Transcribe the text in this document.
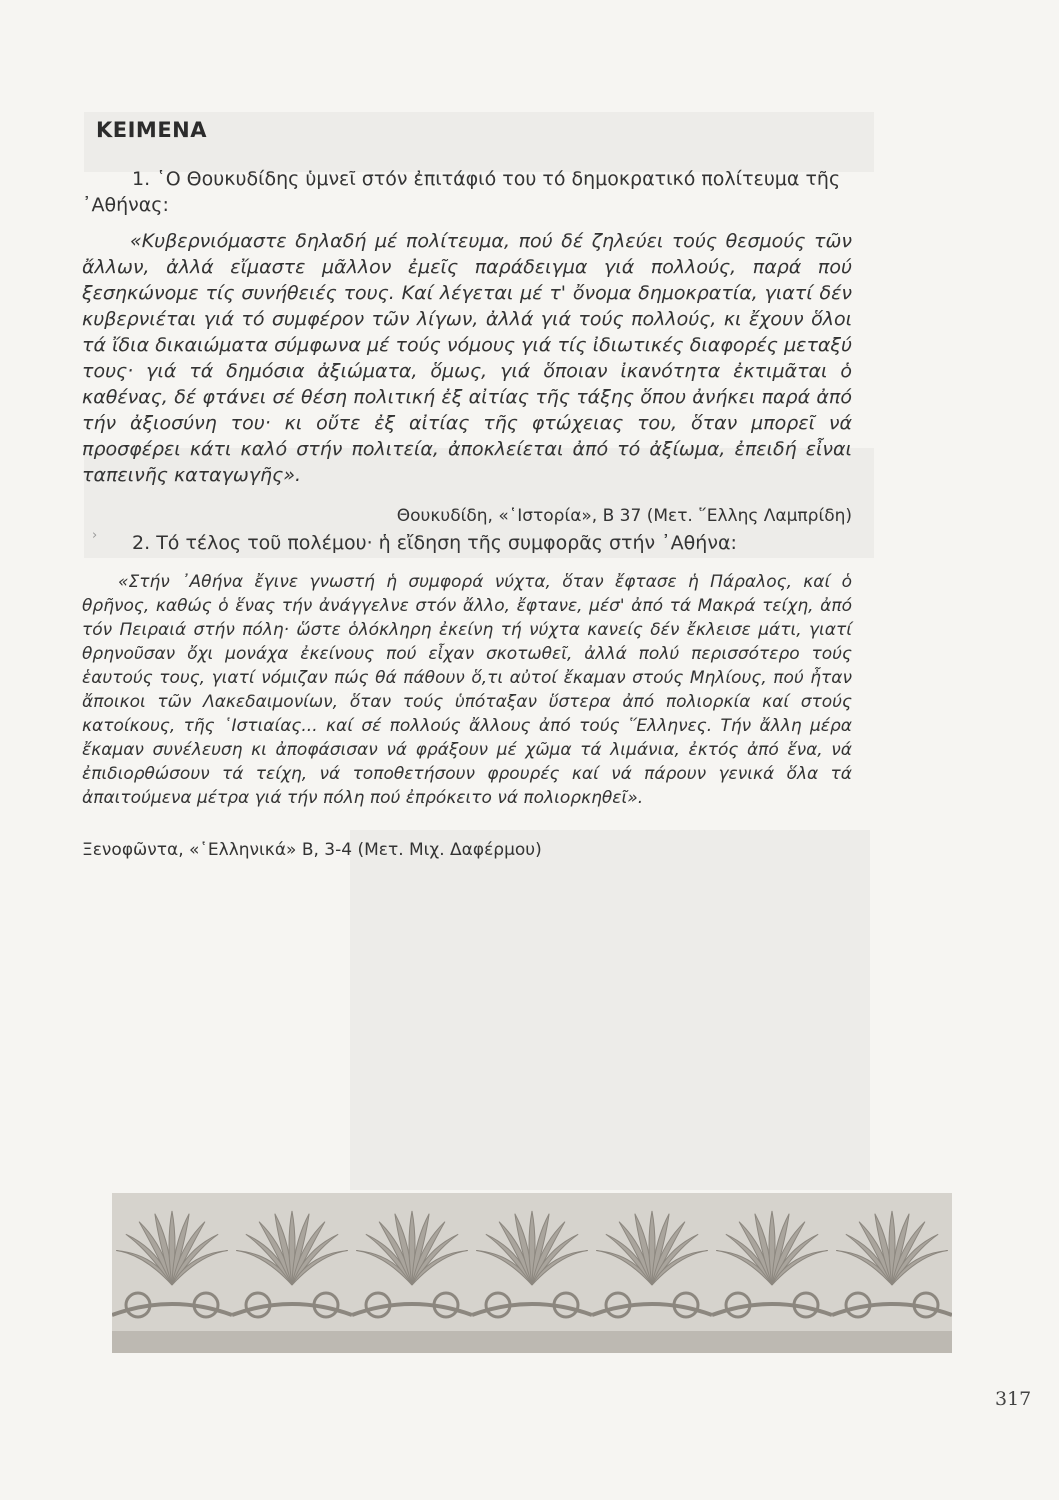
ΚΕΙΜΕΝΑ

1. ῾Ο Θουκυδίδης ὑμνεῖ στόν ἐπιτάφιό του τό δημοκρατικό πολίτευμα τῆς ᾿Αθήνας:

«Κυβερνιόμαστε δηλαδή μέ πολίτευμα, πού δέ ζηλεύει τούς θεσμούς τῶν ἄλλων, ἀλλά εἴμαστε μᾶλλον ἐμεῖς παράδειγμα γιά πολλούς, παρά πού ξεσηκώνομε τίς συνήθειές τους. Καί λέγεται μέ τ' ὄνομα δημοκρατία, γιατί δέν κυβερνιέται γιά τό συμφέρον τῶν λίγων, ἀλλά γιά τούς πολλούς, κι ἔχουν ὅλοι τά ἴδια δικαιώματα σύμφωνα μέ τούς νόμους γιά τίς ἰδιωτικές διαφορές μεταξύ τους· γιά τά δημόσια ἀξιώματα, ὅμως, γιά ὅποιαν ἰκανότητα ἐκτιμᾶται ὁ καθένας, δέ φτάνει σέ θέση πολιτική ἐξ αἰτίας τῆς τάξης ὅπου ἀνήκει παρά ἀπό τήν ἀξιοσύνη του· κι οὔτε ἐξ αἰτίας τῆς φτώχειας του, ὅταν μπορεῖ νά προσφέρει κάτι καλό στήν πολιτεία, ἀποκλείεται ἀπό τό ἀξίωμα, ἐπειδή εἶναι ταπεινῆς καταγωγῆς».

Θουκυδίδη, «῾Ιστορία», Β 37 (Μετ. ῞Ελλης Λαμπρίδη)
›	2. Τό τέλος τοῦ πολέμου· ἡ εἴδηση τῆς συμφορᾶς στήν ᾿Αθήνα:

«Στήν ᾿Αθήνα ἔγινε γνωστή ἡ συμφορά νύχτα, ὅταν ἔφτασε ἡ Πάραλος, καί ὁ θρῆνος, καθώς ὁ ἕνας τήν ἀνάγγελνε στόν ἄλλο, ἔφτανε, μέσ' ἀπό τά Μακρά τείχη, ἀπό τόν Πειραιά στήν πόλη· ὥστε ὁλόκληρη ἐκείνη τή νύχτα κανείς δέν ἔκλεισε μάτι, γιατί θρηνοῦσαν ὄχι μονάχα ἐκείνους πού εἶχαν σκοτωθεῖ, ἀλλά πολύ περισσότερο τούς ἑαυτούς τους, γιατί νόμιζαν πώς θά πάθουν ὅ,τι αὐτοί ἔκαμαν στούς Μηλίους, πού ἦταν ἄποικοι τῶν Λακεδαιμονίων, ὅταν τούς ὑπόταξαν ὕστερα ἀπό πολιορκία καί στούς κατοίκους, τῆς ῾Ιστιαίας... καί σέ πολλούς ἄλλους ἀπό τούς ῞Ελληνες. Τήν ἄλλη μέρα ἔκαμαν συνέλευση κι ἀποφάσισαν νά φράξουν μέ χῶμα τά λιμάνια, ἐκτός ἀπό ἕνα, νά ἐπιδιορθώσουν τά τείχη, νά τοποθετήσουν φρουρές καί νά πάρουν γενικά ὅλα τά ἀπαιτούμενα μέτρα γιά τήν πόλη πού ἐπρόκειτο νά πολιορκηθεῖ».

Ξενοφῶντα, «῾Ελληνικά» Β, 3-4 (Μετ. Μιχ. Δαφέρμου)
317
